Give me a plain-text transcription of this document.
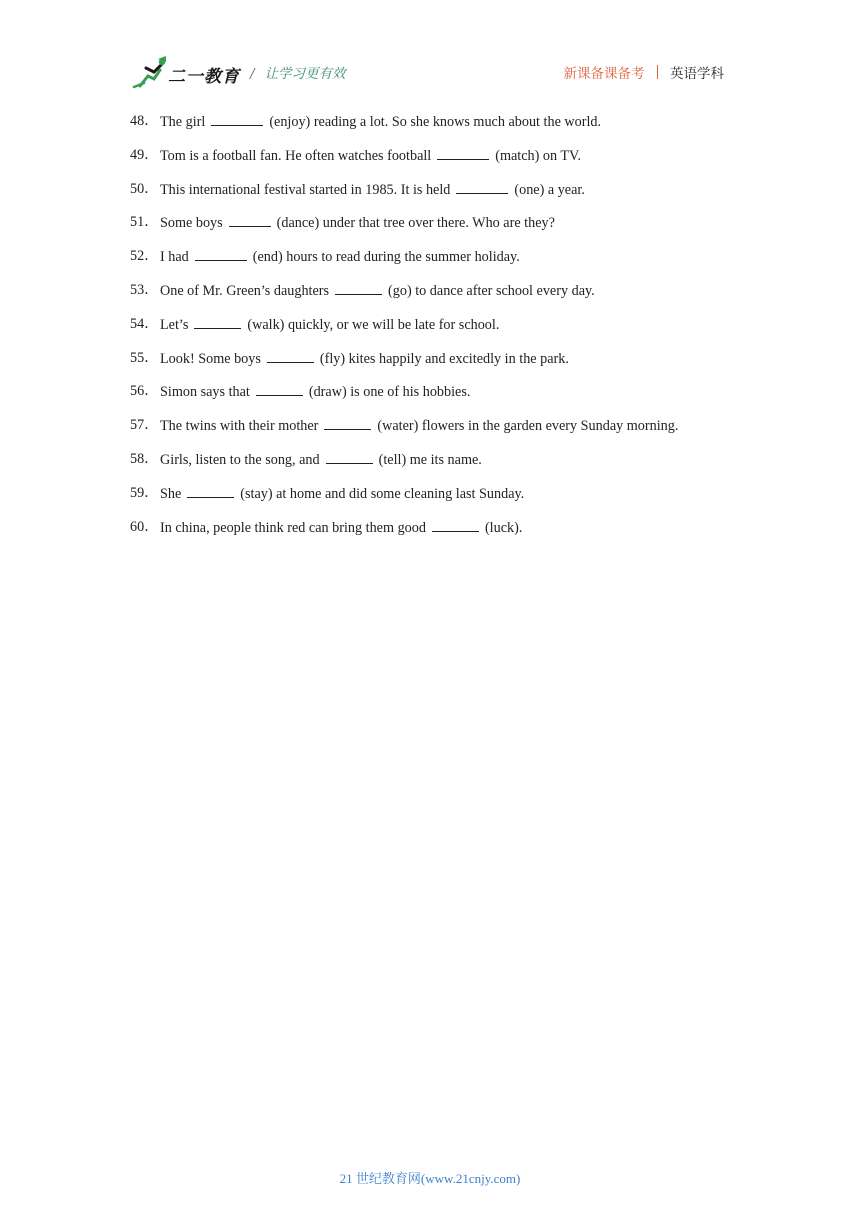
二一教育 / 让学习更有效	新课备课备考 英语学科
48． The girl	(enjoy) reading a lot. So she knows much about the world.
49． Tom is a football fan. He often watches football	(match) on TV.
50． This international festival started in 1985. It is held	(one) a year.
51． Some boys	(dance) under that tree over there. Who are they?
52． I had	(end) hours to read during the summer holiday.
53． One of Mr. Green’s daughters	(go) to dance after school every day.
54． Let’s	(walk) quickly, or we will be late for school.
55． Look! Some boys	(fly) kites happily and excitedly in the park.
56． Simon says that	(draw) is one of his hobbies.
57． The twins with their mother	(water) flowers in the garden every Sunday morning.
58． Girls, listen to the song, and	(tell) me its name.
59． She	(stay) at home and did some cleaning last Sunday.
60． In china, people think red can bring them good	(luck).
21 世纪教育网(www.21cnjy.com)
